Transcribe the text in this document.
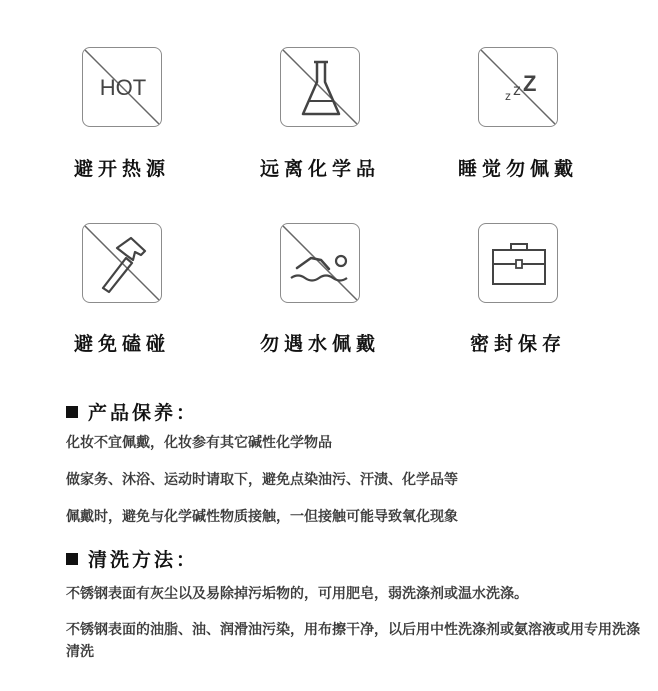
HOT
避开热源	远离化学品
z z Z
睡觉勿佩戴
避免磕碰	勿遇水佩戴	密封保存
产品保养：
化妆不宜佩戴，化妆参有其它碱性化学物品
做家务、沐浴、运动时请取下，避免点染油污、汗渍、化学品等
佩戴时，避免与化学碱性物质接触，一但接触可能导致氧化现象
清洗方法：
不锈钢表面有灰尘以及易除掉污垢物的，可用肥皂，弱洗涤剂或温水洗涤。
不锈钢表面的油脂、油、润滑油污染，用布擦干净，以后用中性洗涤剂或氨溶液或用专用洗涤清洗
